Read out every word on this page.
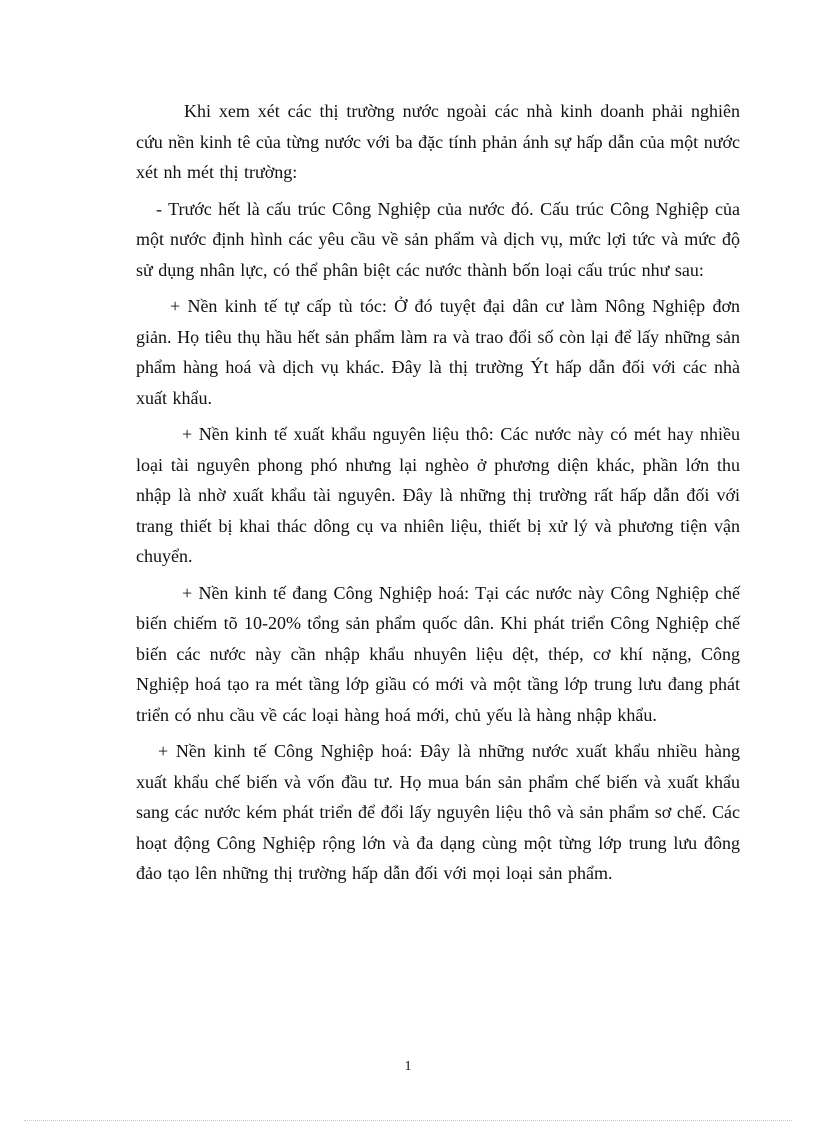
Khi xem xét các thị trường nước ngoài các nhà kinh doanh phải nghiên cứu nền kinh tê của từng nước với ba đặc tính phản ánh sự hấp dẫn của một nước xét nh mét thị trường:

- Trước hết là cấu trúc Công Nghiệp của nước đó. Cấu trúc Công Nghiệp của một nước định hình các yêu cầu về sản phẩm và dịch vụ, mức lợi tức và mức độ sử dụng nhân lực, có thể phân biệt các nước thành bốn loại cấu trúc như sau:

+ Nền kinh tế tự cấp tù tóc: Ở đó tuyệt đại dân cư làm Nông Nghiệp đơn giản. Họ tiêu thụ hầu hết sản phẩm làm ra và trao đổi số còn lại để lấy những sản phẩm hàng hoá và dịch vụ khác. Đây là thị trường Ýt hấp dẫn đối với các nhà xuất khẩu.

+ Nền kinh tế xuất khẩu nguyên liệu thô: Các nước này có mét hay nhiều loại tài nguyên phong phó nhưng lại nghèo ở phương diện khác, phần lớn thu nhập là nhờ xuất khẩu tài nguyên. Đây là những thị trường rất hấp dẫn đối với trang thiết bị khai thác dông cụ va nhiên liệu, thiết bị xử lý và phương tiện vận chuyển.

+ Nền kinh tế đang Công Nghiệp hoá: Tại các nước này Công Nghiệp chế biến chiếm tõ 10-20% tổng sản phẩm quốc dân. Khi phát triển Công Nghiệp chế biến các nước này cần nhập khẩu nhuyên liệu dệt, thép, cơ khí nặng, Công Nghiệp hoá tạo ra mét tầng lớp giầu có mới và một tầng lớp trung lưu đang phát triển có nhu cầu về các loại hàng hoá mới, chủ yếu là hàng nhập khẩu.

+ Nền kinh tế Công Nghiệp hoá: Đây là những nước xuất khẩu nhiều hàng xuất khẩu chế biến và vốn đầu tư. Họ mua bán sản phẩm chế biến và xuất khẩu sang các nước kém phát triển để đổi lấy nguyên liệu thô và sản phẩm sơ chế. Các hoạt động Công Nghiệp rộng lớn và đa dạng cùng một từng lớp trung lưu đông đảo tạo lên những thị trường hấp dẫn đối với mọi loại sản phẩm.

1
